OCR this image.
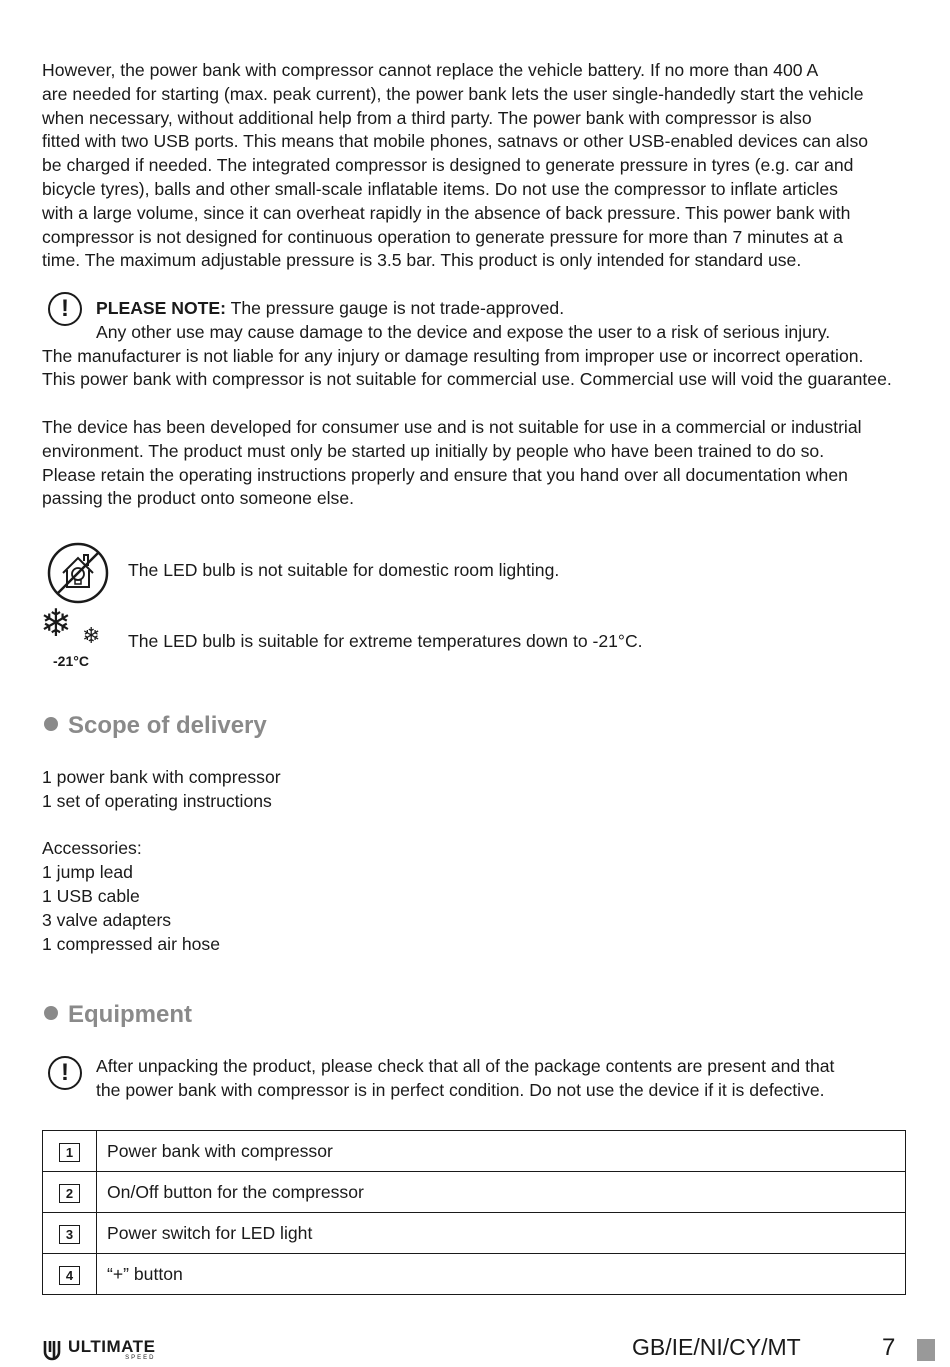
However, the power bank with compressor cannot replace the vehicle battery. If no more than 400 A
are needed for starting (max. peak current), the power bank lets the user single-handedly start the vehicle
when necessary, without additional help from a third party. The power bank with compressor is also
fitted with two USB ports. This means that mobile phones, satnavs or other USB-enabled devices can also
be charged if needed. The integrated compressor is designed to generate pressure in tyres (e.g. car and
bicycle tyres), balls and other small-scale inflatable items. Do not use the compressor to inflate articles
with a large volume, since it can overheat rapidly in the absence of back pressure. This power bank with
compressor is not designed for continuous operation to generate pressure for more than 7 minutes at a
time. The maximum adjustable pressure is 3.5 bar. This product is only intended for standard use.
!	PLEASE NOTE: The pressure gauge is not trade-approved.
Any other use may cause damage to the device and expose the user to a risk of serious injury.
The manufacturer is not liable for any injury or damage resulting from improper use or incorrect operation.
This power bank with compressor is not suitable for commercial use. Commercial use will void the guarantee.
The device has been developed for consumer use and is not suitable for use in a commercial or industrial
environment. The product must only be started up initially by people who have been trained to do so.
Please retain the operating instructions properly and ensure that you hand over all documentation when
passing the product onto someone else.
The LED bulb is not suitable for domestic room lighting.
❄ ❄
-21°C
The LED bulb is suitable for extreme temperatures down to -21°C.
Scope of delivery
1 power bank with compressor
1 set of operating instructions
Accessories:
1 jump lead
1 USB cable
3 valve adapters
1 compressed air hose
Equipment
!	After unpacking the product, please check that all of the package contents are present and that
the power bank with compressor is in perfect condition. Do not use the device if it is defective.
1	Power bank with compressor
2	On/Off button for the compressor
3	Power switch for LED light
4	“+” button
ULTIMATE
SPEED	GB/IE/NI/CY/MT	7
